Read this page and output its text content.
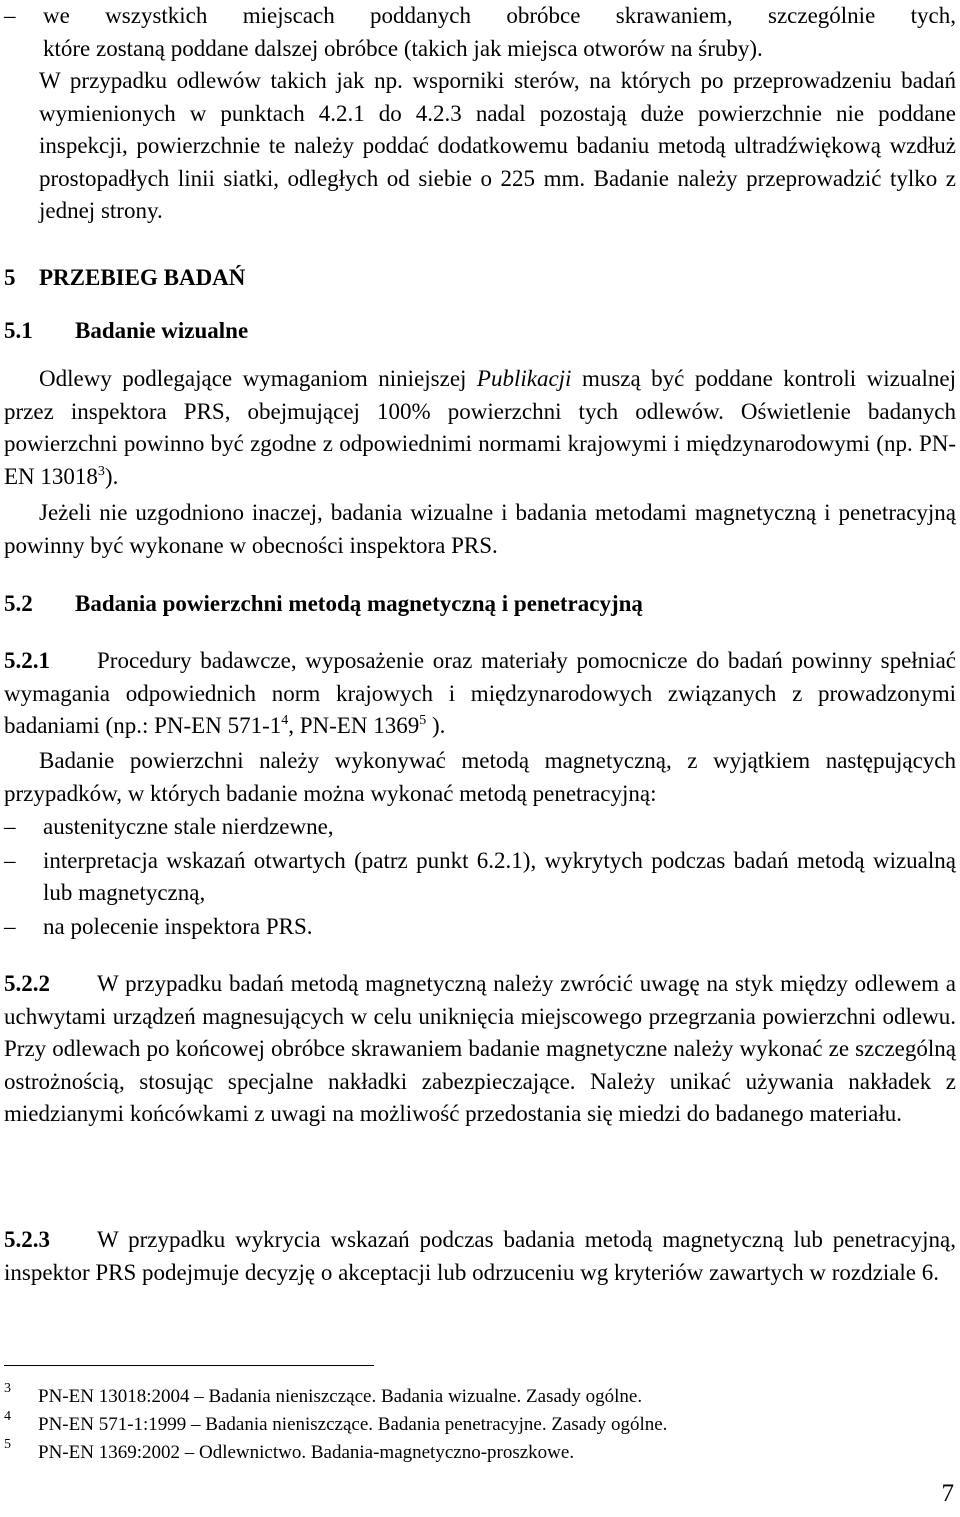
–	we wszystkich miejscach poddanych obróbce skrawaniem, szczególnie tych,
które zostaną poddane dalszej obróbce (takich jak miejsca otworów na śruby).

W przypadku odlewów takich jak np. wsporniki sterów, na których po przeprowadzeniu badań wymienionych w punktach 4.2.1 do 4.2.3 nadal pozostają duże powierzchnie nie poddane inspekcji, powierzchnie te należy poddać dodatkowemu badaniu metodą ultradźwiękową wzdłuż prostopadłych linii siatki, odległych od siebie o 225 mm. Badanie należy przeprowadzić tylko z jednej strony.

5	PRZEBIEG BADAŃ
5.1	Badanie wizualne

Odlewy podlegające wymaganiom niniejszej Publikacji muszą być poddane kontroli wizualnej przez inspektora PRS, obejmującej 100% powierzchni tych odlewów. Oświetlenie badanych powierzchni powinno być zgodne z odpowiednimi normami krajowymi i międzynarodowymi (np. PN-EN 13018$^3$).

Jeżeli nie uzgodniono inaczej, badania wizualne i badania metodami magnetyczną i penetracyjną powinny być wykonane w obecności inspektora PRS.

5.2	Badania powierzchni metodą magnetyczną i penetracyjną

5.2.1 Procedury badawcze, wyposażenie oraz materiały pomocnicze do badań powinny spełniać wymagania odpowiednich norm krajowych i międzynarodowych związanych z prowadzonymi badaniami (np.: PN-EN $571-1^4$, PN-EN 1369$^5$ ).

Badanie powierzchni należy wykonywać metodą magnetyczną, z wyjątkiem następujących przypadków, w których badanie można wykonać metodą penetracyjną:

–	austenityczne stale nierdzewne,
–	interpretacja wskazań otwartych (patrz punkt 6.2.1), wykrytych podczas badań metodą wizualną lub magnetyczną,
–	na polecenie inspektora PRS.

5.2.2 W przypadku badań metodą magnetyczną należy zwrócić uwagę na styk między odlewem a uchwytami urządzeń magnesujących w celu uniknięcia miejscowego przegrzania powierzchni odlewu. Przy odlewach po końcowej obróbce skrawaniem badanie magnetyczne należy wykonać ze szczególną ostrożnością, stosując specjalne nakładki zabezpieczające. Należy unikać używania nakładek z miedzianymi końcówkami z uwagi na możliwość przedostania się miedzi do badanego materiału.

5.2.3 W przypadku wykrycia wskazań podczas badania metodą magnetyczną lub penetracyjną, inspektor PRS podejmuje decyzję o akceptacji lub odrzuceniu wg kryteriów zawartych w rozdziale 6.

3	PN-EN 13018:2004 – Badania nieniszczące. Badania wizualne. Zasady ogólne.
4	PN-EN 571-1:1999 – Badania nieniszczące. Badania penetracyjne. Zasady ogólne.
5	PN-EN 1369:2002 – Odlewnictwo. Badania-magnetyczno-proszkowe.
7
